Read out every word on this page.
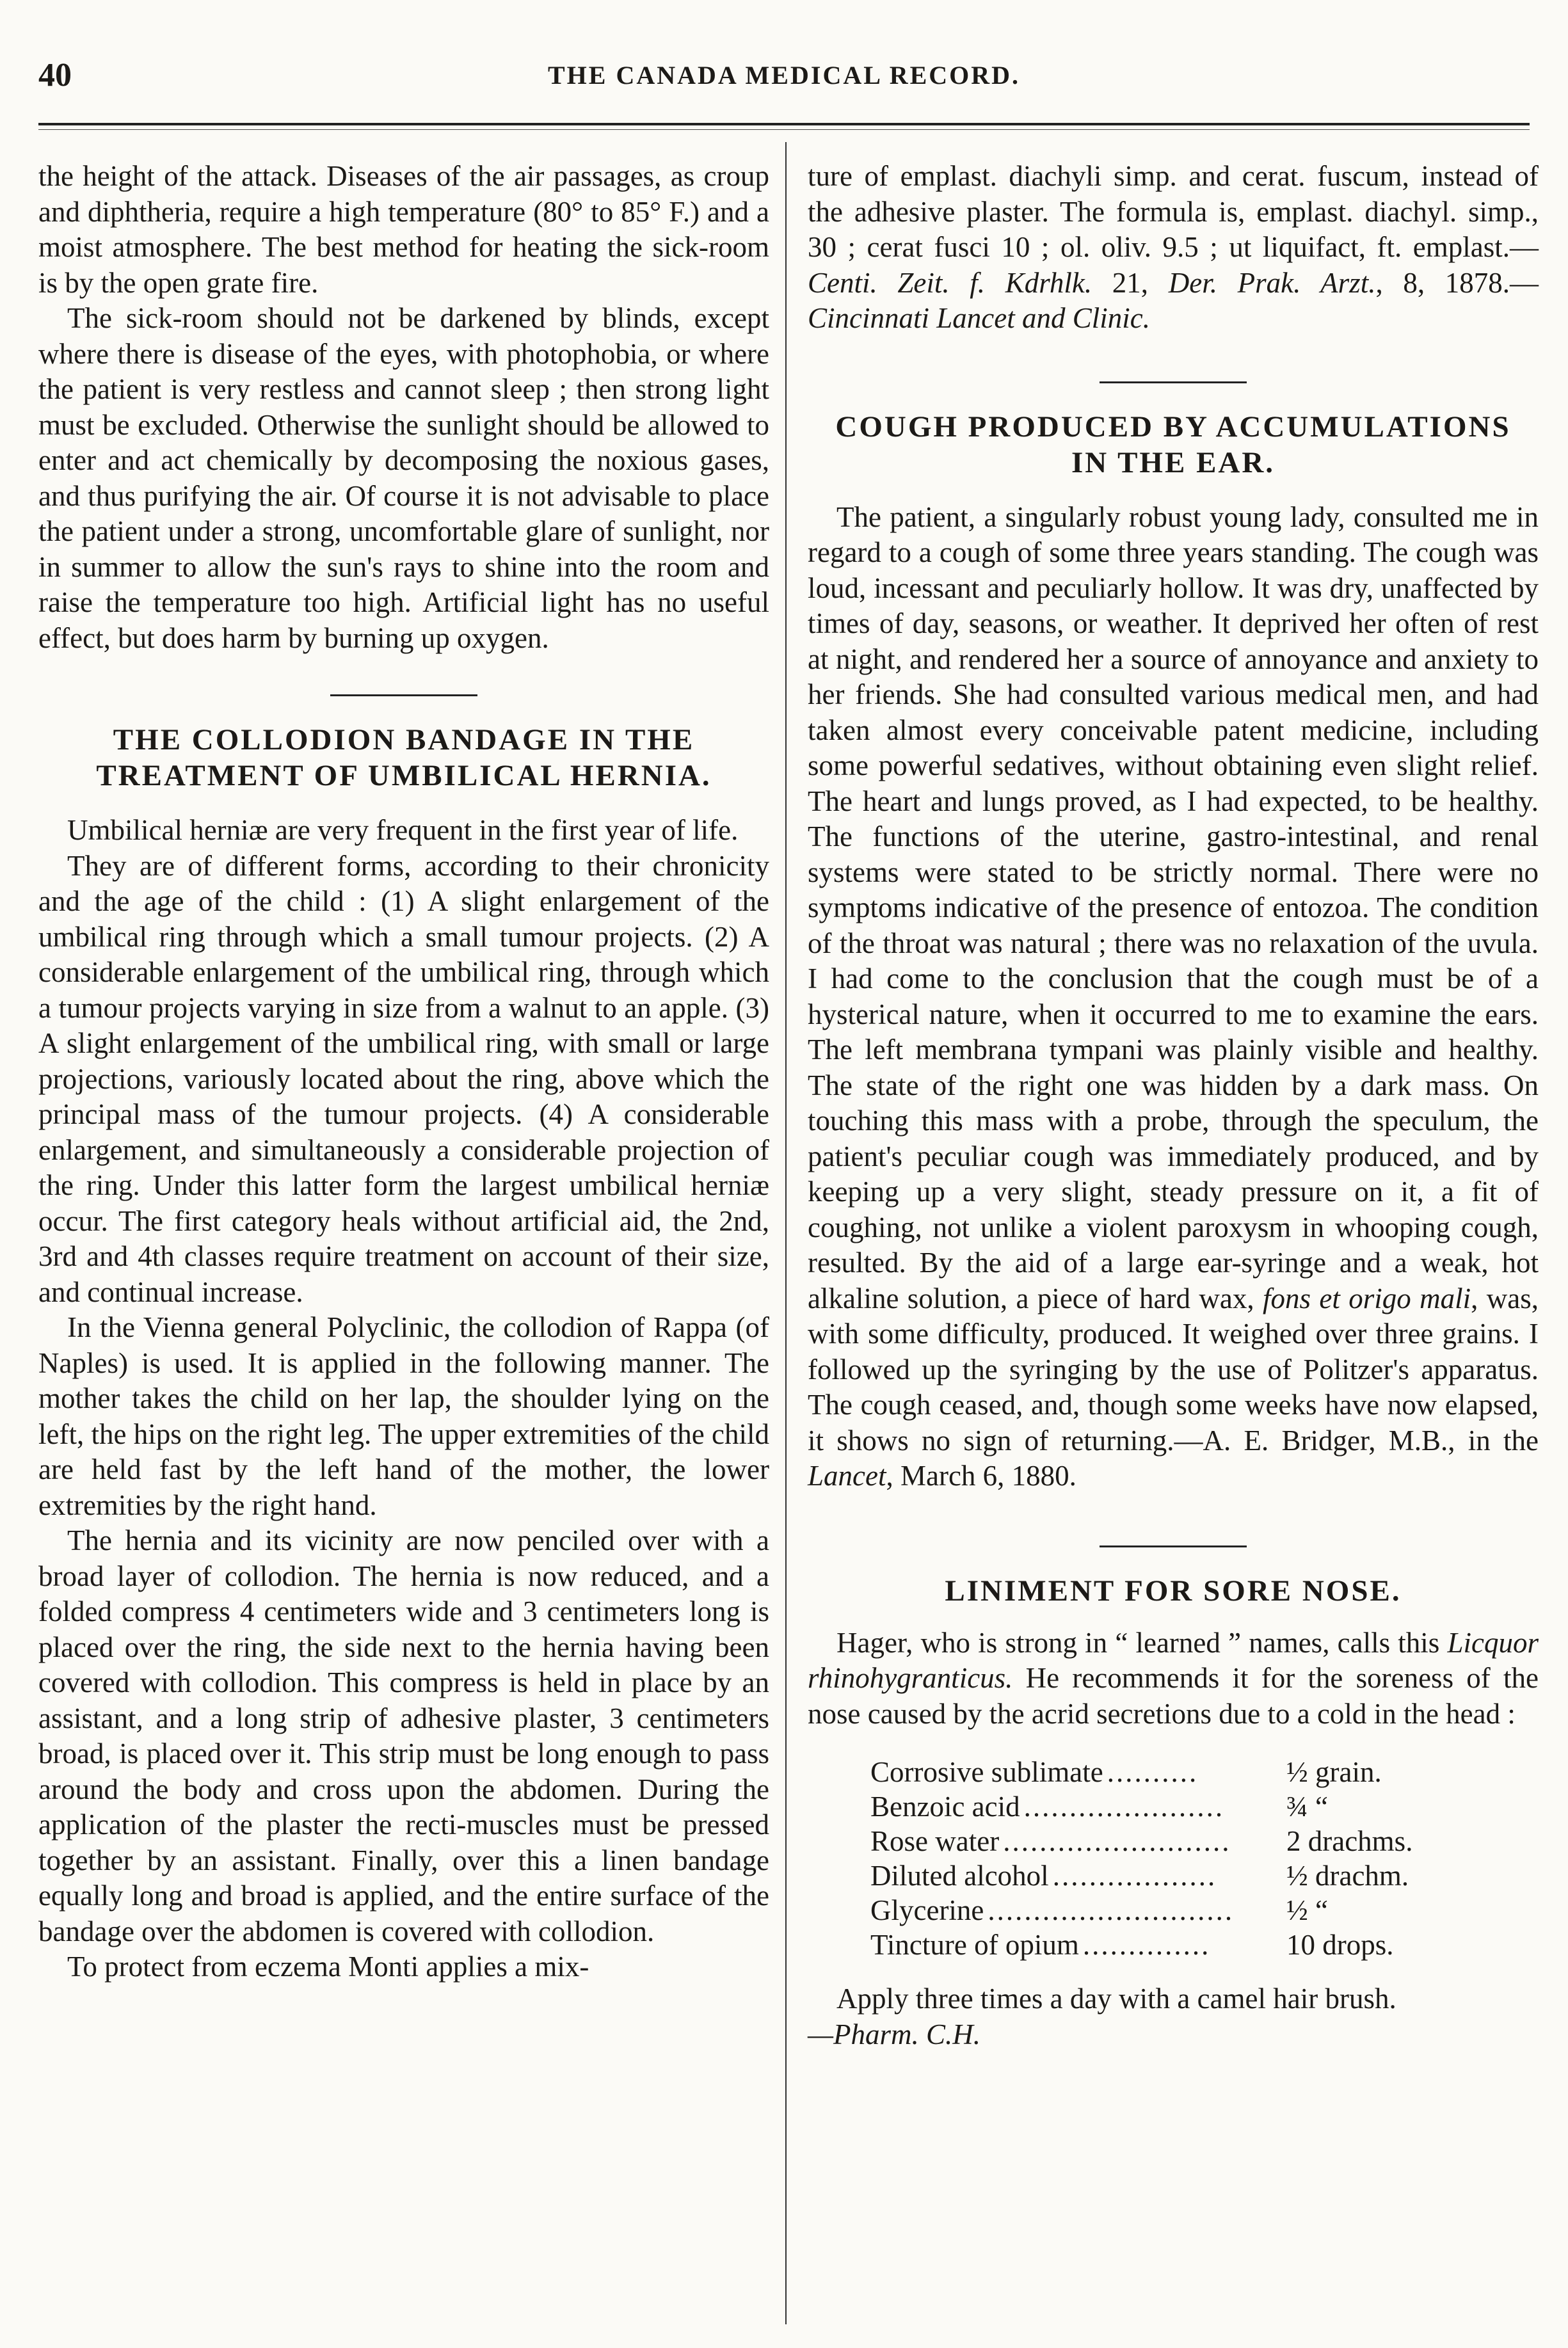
40	THE CANADA MEDICAL RECORD.

the height of the attack. Diseases of the air passages, as croup and diphtheria, require a high temperature (80° to 85° F.) and a moist atmosphere. The best method for heating the sick-room is by the open grate fire.

The sick-room should not be darkened by blinds, except where there is disease of the eyes, with photophobia, or where the patient is very restless and cannot sleep ; then strong light must be excluded. Otherwise the sunlight should be allowed to enter and act chemically by decomposing the noxious gases, and thus purifying the air. Of course it is not advisable to place the patient under a strong, uncomfortable glare of sunlight, nor in summer to allow the sun's rays to shine into the room and raise the temperature too high. Artificial light has no useful effect, but does harm by burning up oxygen.

THE COLLODION BANDAGE IN THE TREATMENT OF UMBILICAL HERNIA.

Umbilical herniæ are very frequent in the first year of life.

They are of different forms, according to their chronicity and the age of the child : (1) A slight enlargement of the umbilical ring through which a small tumour projects. (2) A considerable enlargement of the umbilical ring, through which a tumour projects varying in size from a walnut to an apple. (3) A slight enlargement of the umbilical ring, with small or large projections, variously located about the ring, above which the principal mass of the tumour projects. (4) A considerable enlargement, and simultaneously a considerable projection of the ring. Under this latter form the largest umbilical herniæ occur. The first category heals without artificial aid, the 2nd, 3rd and 4th classes require treatment on account of their size, and continual increase.

In the Vienna general Polyclinic, the collodion of Rappa (of Naples) is used. It is applied in the following manner. The mother takes the child on her lap, the shoulder lying on the left, the hips on the right leg. The upper extremities of the child are held fast by the left hand of the mother, the lower extremities by the right hand.

The hernia and its vicinity are now penciled over with a broad layer of collodion. The hernia is now reduced, and a folded compress 4 centimeters wide and 3 centimeters long is placed over the ring, the side next to the hernia having been covered with collodion. This compress is held in place by an assistant, and a long strip of adhesive plaster, 3 centimeters broad, is placed over it. This strip must be long enough to pass around the body and cross upon the abdomen. During the application of the plaster the recti-muscles must be pressed together by an assistant. Finally, over this a linen bandage equally long and broad is applied, and the entire surface of the bandage over the abdomen is covered with collodion.

To protect from eczema Monti applies a mix-

ture of emplast. diachyli simp. and cerat. fuscum, instead of the adhesive plaster. The formula is, emplast. diachyl. simp., 30 ; cerat fusci 10 ; ol. oliv. 9.5 ; ut liquifact, ft. emplast.—Centi. Zeit. f. Kdrhlk. 21, Der. Prak. Arzt., 8, 1878.—Cincinnati Lancet and Clinic.

COUGH PRODUCED BY ACCUMULATIONS IN THE EAR.

The patient, a singularly robust young lady, consulted me in regard to a cough of some three years standing. The cough was loud, incessant and peculiarly hollow. It was dry, unaffected by times of day, seasons, or weather. It deprived her often of rest at night, and rendered her a source of annoyance and anxiety to her friends. She had consulted various medical men, and had taken almost every conceivable patent medicine, including some powerful sedatives, without obtaining even slight relief. The heart and lungs proved, as I had expected, to be healthy. The functions of the uterine, gastro-intestinal, and renal systems were stated to be strictly normal. There were no symptoms indicative of the presence of entozoa. The condition of the throat was natural ; there was no relaxation of the uvula. I had come to the conclusion that the cough must be of a hysterical nature, when it occurred to me to examine the ears. The left membrana tympani was plainly visible and healthy. The state of the right one was hidden by a dark mass. On touching this mass with a probe, through the speculum, the patient's peculiar cough was immediately produced, and by keeping up a very slight, steady pressure on it, a fit of coughing, not unlike a violent paroxysm in whooping cough, resulted. By the aid of a large ear-syringe and a weak, hot alkaline solution, a piece of hard wax, fons et origo mali, was, with some difficulty, produced. It weighed over three grains. I followed up the syringing by the use of Politzer's apparatus. The cough ceased, and, though some weeks have now elapsed, it shows no sign of returning.—A. E. Bridger, M.B., in the Lancet, March 6, 1880.

LINIMENT FOR SORE NOSE.

Hager, who is strong in “ learned ” names, calls this Licquor rhinohygranticus. He recommends it for the soreness of the nose caused by the acrid secretions due to a cold in the head :

Corrosive sublimate ..........	½ grain.
Benzoic acid ......................	¾ “
Rose water .........................	2 drachms.
Diluted alcohol ..................	½ drachm.
Glycerine ...........................	½ “
Tincture of opium ..............	10 drops.

Apply three times a day with a camel hair brush.
—Pharm. C.H.
